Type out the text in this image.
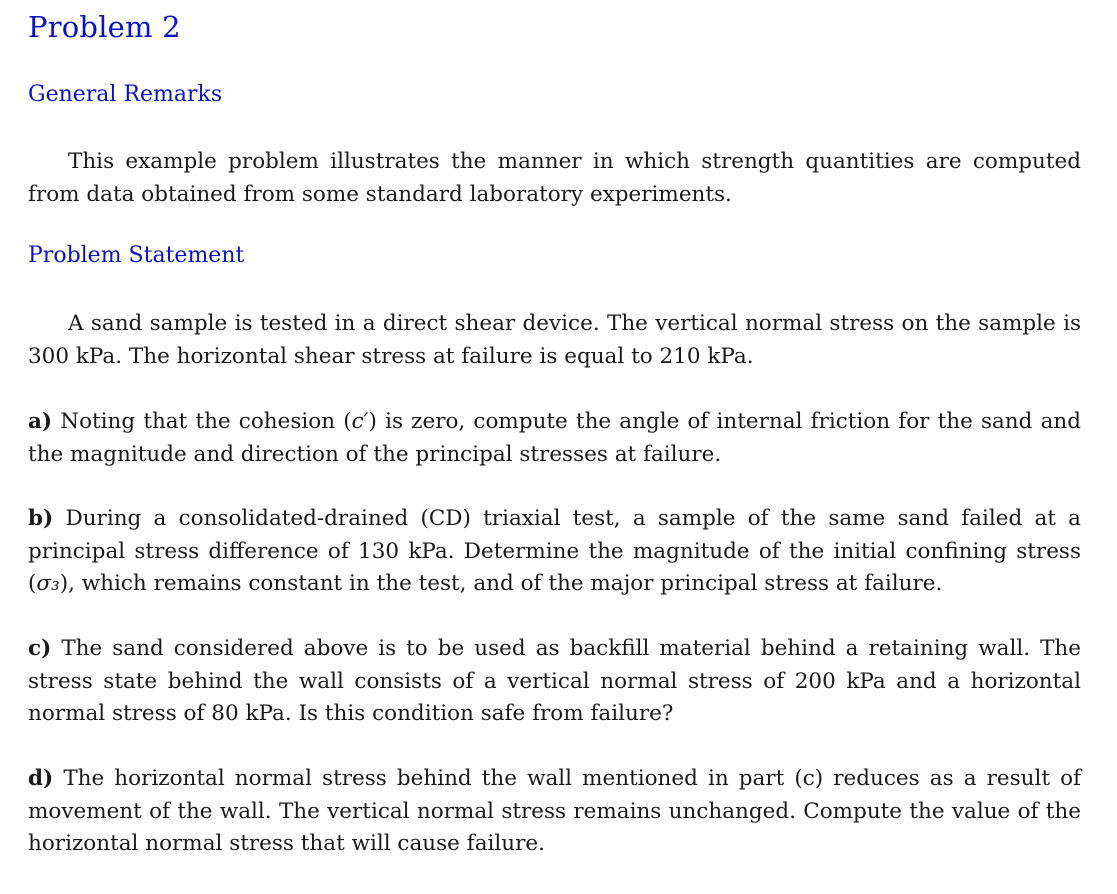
Problem 2
General Remarks

This example problem illustrates the manner in which strength quantities are computed from data obtained from some standard laboratory experiments.

Problem Statement

A sand sample is tested in a direct shear device. The vertical normal stress on the sample is 300 kPa. The horizontal shear stress at failure is equal to 210 kPa.

a) Noting that the cohesion (c′) is zero, compute the angle of internal friction for the sand and the magnitude and direction of the principal stresses at failure.

b) During a consolidated-drained (CD) triaxial test, a sample of the same sand failed at a principal stress difference of 130 kPa. Determine the magnitude of the initial confining stress (σ₃), which remains constant in the test, and of the major principal stress at failure.

c) The sand considered above is to be used as backfill material behind a retaining wall. The stress state behind the wall consists of a vertical normal stress of 200 kPa and a horizontal normal stress of 80 kPa. Is this condition safe from failure?

d) The horizontal normal stress behind the wall mentioned in part (c) reduces as a result of movement of the wall. The vertical normal stress remains unchanged. Compute the value of the horizontal normal stress that will cause failure.
